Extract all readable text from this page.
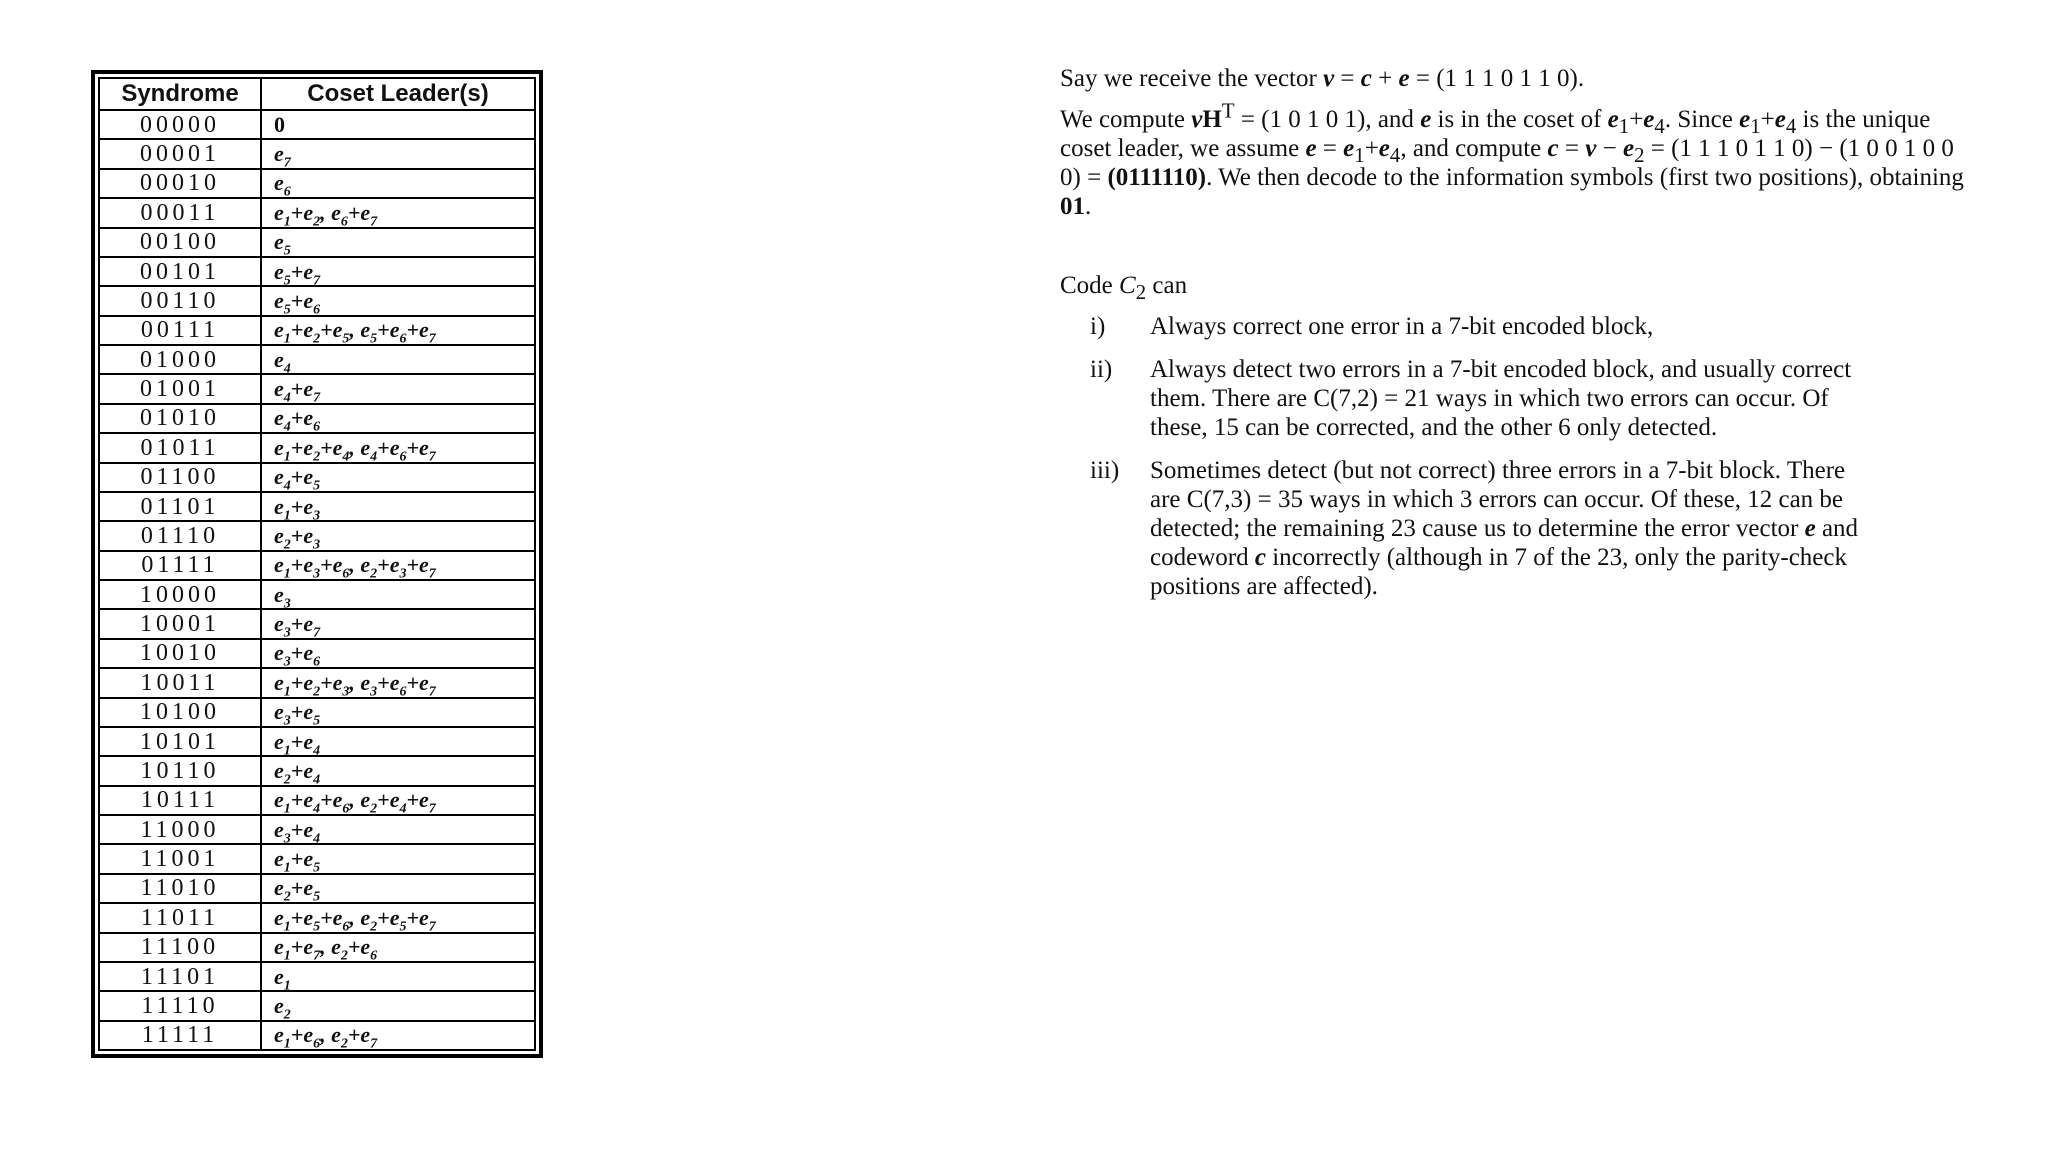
Syndrome	Coset Leader(s)
00000	0
00001	$e_7$
00010	$e_6$
00011	$e_1+e_2$, $e_6+e_7$
00100	$e_5$
00101	$e_5+e_7$
00110	$e_5+e_6$
00111	$e_1+e_2+e_5$, $e_5+e_6+e_7$
01000	$e_4$
01001	$e_4+e_7$
01010	$e_4+e_6$
01011	$e_1+e_2+e_4$, $e_4+e_6+e_7$
01100	$e_4+e_5$
01101	$e_1+e_3$
01110	$e_2+e_3$
01111	$e_1+e_3+e_6$, $e_2+e_3+e_7$
10000	$e_3$
10001	$e_3+e_7$
10010	$e_3+e_6$
10011	$e_1+e_2+e_3$, $e_3+e_6+e_7$
10100	$e_3+e_5$
10101	$e_1+e_4$
10110	$e_2+e_4$
10111	$e_1+e_4+e_6$, $e_2+e_4+e_7$
11000	$e_3+e_4$
11001	$e_1+e_5$
11010	$e_2+e_5$
11011	$e_1+e_5+e_6$, $e_2+e_5+e_7$
11100	$e_1+e_7$, $e_2+e_6$
11101	$e_1$
11110	$e_2$
11111	$e_1+e_6$, $e_2+e_7$

Say we receive the vector v = c + e = (1 1 1 0 1 1 0).

We compute $vH^T = (1$ 0 1 0 1), and e is in the coset of $e_1+e_4$. Since $e_1+e_4$ is the unique coset leader, we assume $e = e_1+e_4$, and compute $c = v - e_2 = (1$ 1 1 0 1 1 0) − (1 0 0 1 0 0 0) = (0111110). We then decode to the information symbols (first two positions), obtaining 01.

Code $C_2$ can

i)	Always correct one error in a 7-bit encoded block,
ii)	Always detect two errors in a 7-bit encoded block, and usually correct them. There are C(7,2) = 21 ways in which two errors can occur. Of these, 15 can be corrected, and the other 6 only detected.
iii)	Sometimes detect (but not correct) three errors in a 7-bit block. There are C(7,3) = 35 ways in which 3 errors can occur. Of these, 12 can be detected; the remaining 23 cause us to determine the error vector e and codeword c incorrectly (although in 7 of the 23, only the parity-check positions are affected).
